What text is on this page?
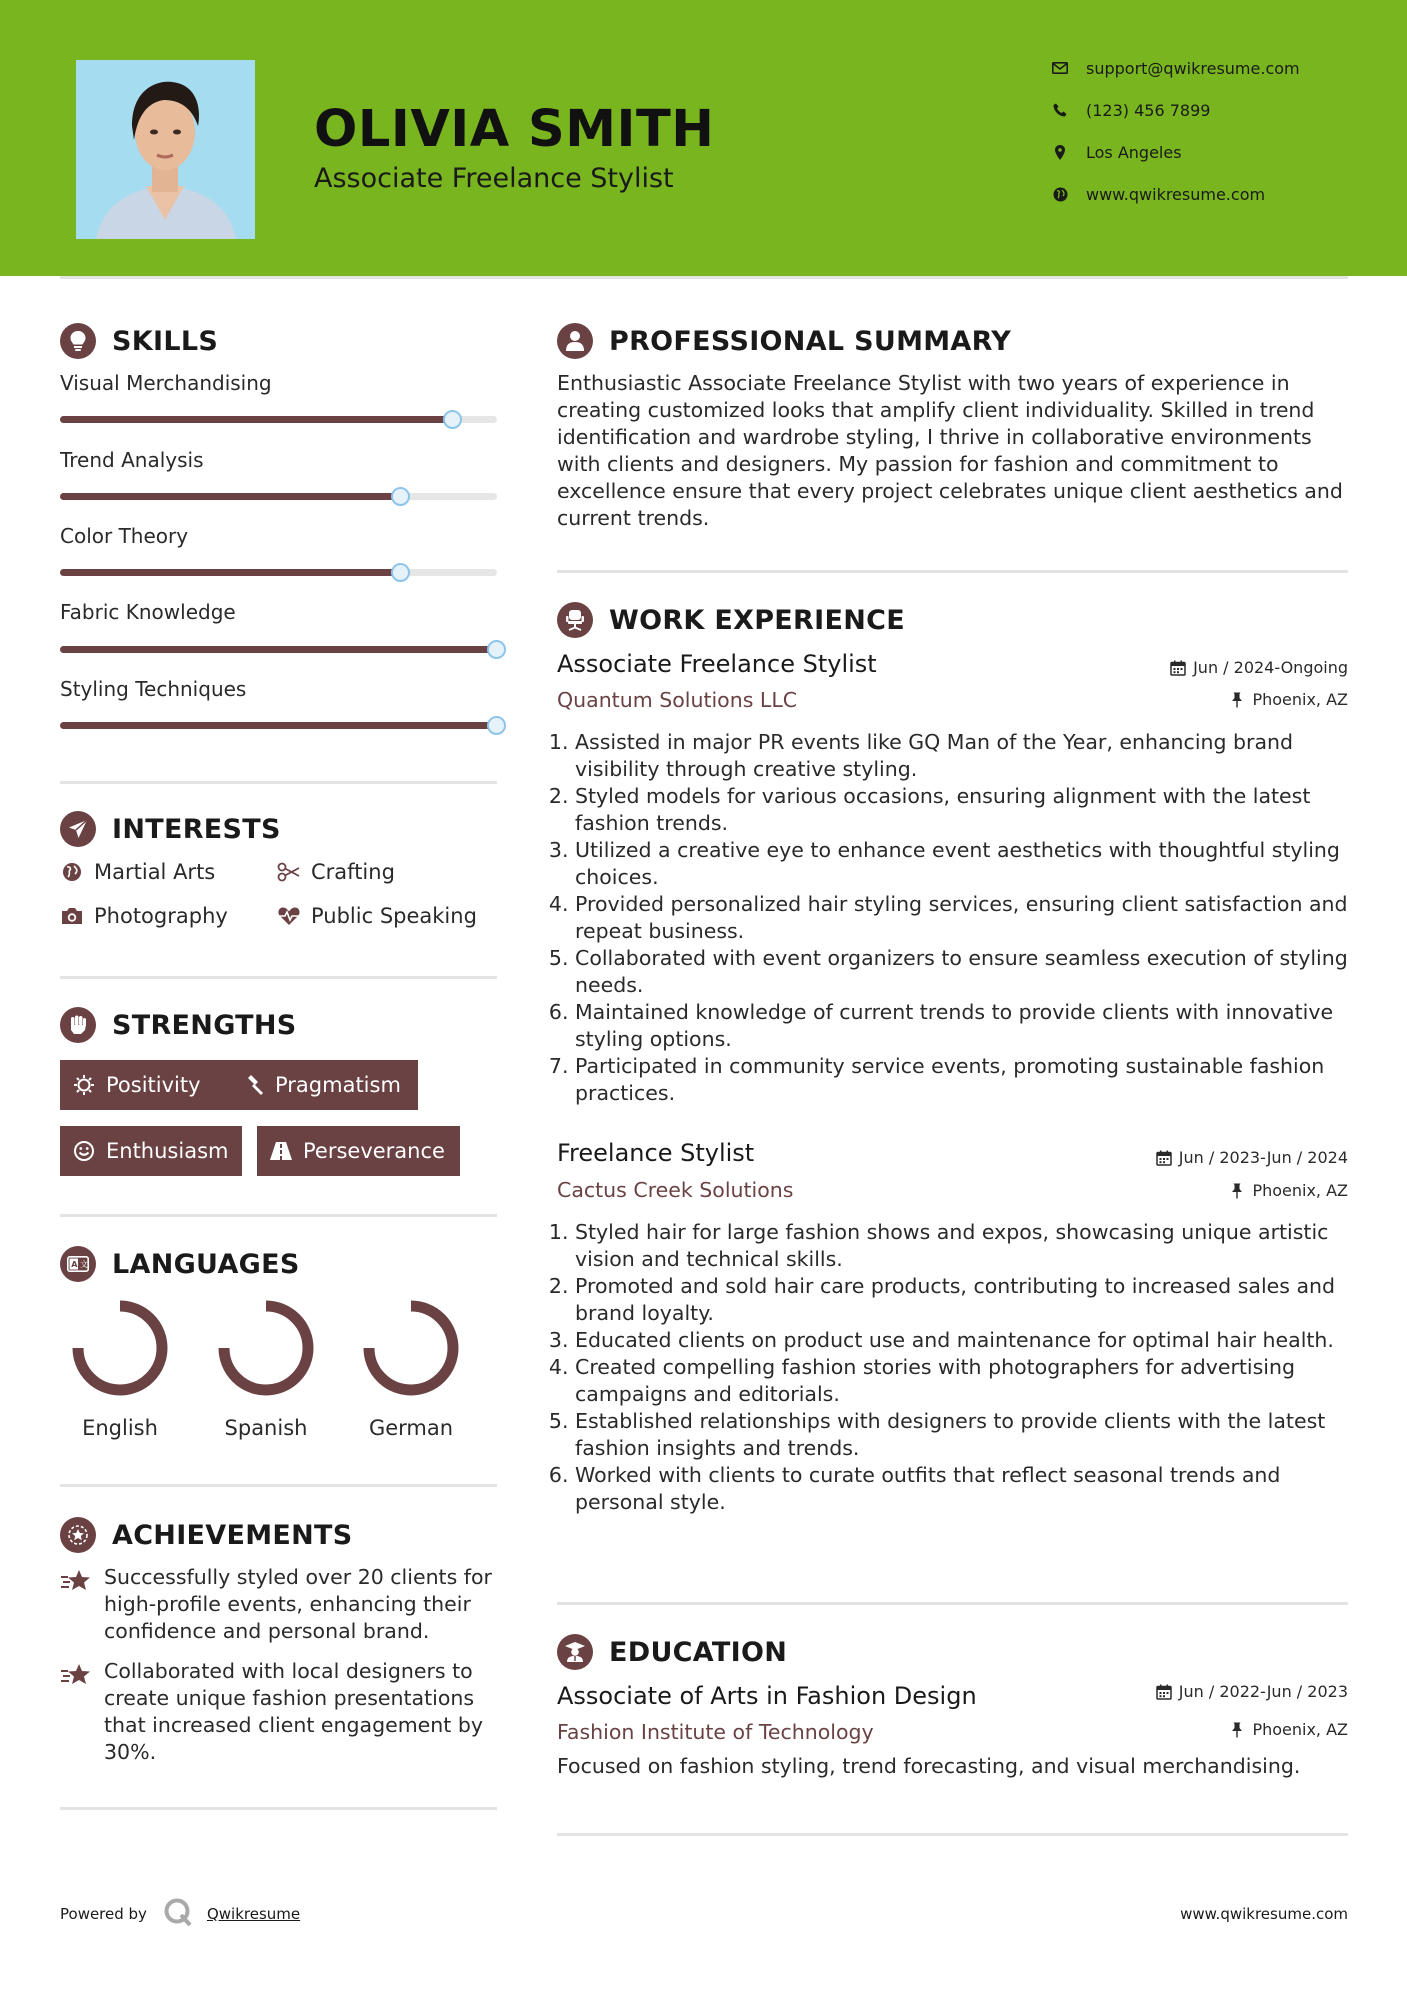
OLIVIA SMITH
Associate Freelance Stylist
support@qwikresume.com
(123) 456 7899
Los Angeles
www.qwikresume.com
SKILLS
Visual Merchandising
Trend Analysis
Color Theory
Fabric Knowledge
Styling Techniques
INTERESTS
Martial Arts	Crafting
Photography	Public Speaking
STRENGTHS
Positivity	Pragmatism
Enthusiasm	Perseverance
A 文 LANGUAGES
English	Spanish	German
ACHIEVEMENTS
Successfully styled over 20 clients for high-profile events, enhancing their confidence and personal brand.
Collaborated with local designers to create unique fashion presentations that increased client engagement by 30%.
PROFESSIONAL SUMMARY
Enthusiastic Associate Freelance Stylist with two years of experience in creating customized looks that amplify client individuality. Skilled in trend identification and wardrobe styling, I thrive in collaborative environments with clients and designers. My passion for fashion and commitment to excellence ensure that every project celebrates unique client aesthetics and current trends.
WORK EXPERIENCE
Associate Freelance Stylist	Jun / 2024-Ongoing
Quantum Solutions LLC	Phoenix, AZ
1. Assisted in major PR events like GQ Man of the Year, enhancing brand visibility through creative styling.
2. Styled models for various occasions, ensuring alignment with the latest fashion trends.
3. Utilized a creative eye to enhance event aesthetics with thoughtful styling choices.
4. Provided personalized hair styling services, ensuring client satisfaction and repeat business.
5. Collaborated with event organizers to ensure seamless execution of styling needs.
6. Maintained knowledge of current trends to provide clients with innovative styling options.
7. Participated in community service events, promoting sustainable fashion practices.
Freelance Stylist	Jun / 2023-Jun / 2024
Cactus Creek Solutions	Phoenix, AZ
1. Styled hair for large fashion shows and expos, showcasing unique artistic vision and technical skills.
2. Promoted and sold hair care products, contributing to increased sales and brand loyalty.
3. Educated clients on product use and maintenance for optimal hair health.
4. Created compelling fashion stories with photographers for advertising campaigns and editorials.
5. Established relationships with designers to provide clients with the latest fashion insights and trends.
6. Worked with clients to curate outfits that reflect seasonal trends and personal style.
EDUCATION
Associate of Arts in Fashion Design	Jun / 2022-Jun / 2023
Fashion Institute of Technology	Phoenix, AZ
Focused on fashion styling, trend forecasting, and visual merchandising.
Powered by	Qwikresume	www.qwikresume.com
